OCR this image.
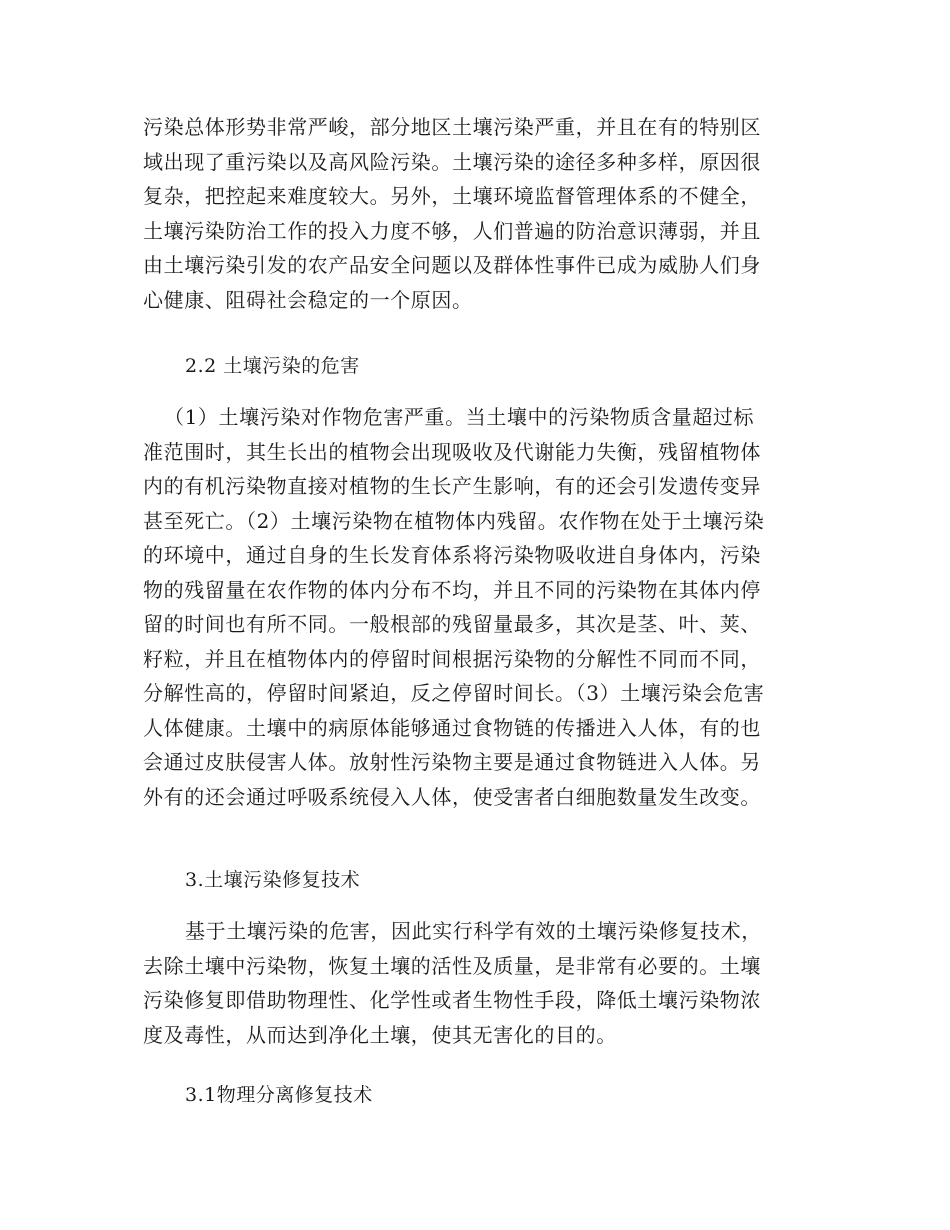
污染总体形势非常严峻，部分地区土壤污染严重，并且在有的特别区
域出现了重污染以及高风险污染。土壤污染的途径多种多样，原因很
复杂，把控起来难度较大。另外，土壤环境监督管理体系的不健全，
土壤污染防治工作的投入力度不够，人们普遍的防治意识薄弱，并且
由土壤污染引发的农产品安全问题以及群体性事件已成为威胁人们身
心健康、阻碍社会稳定的一个原因。
2.2 土壤污染的危害
（1）土壤污染对作物危害严重。当土壤中的污染物质含量超过标
准范围时，其生长出的植物会出现吸收及代谢能力失衡，残留植物体
内的有机污染物直接对植物的生长产生影响，有的还会引发遗传变异
甚至死亡。（2）土壤污染物在植物体内残留。农作物在处于土壤污染
的环境中，通过自身的生长发育体系将污染物吸收进自身体内，污染
物的残留量在农作物的体内分布不均，并且不同的污染物在其体内停
留的时间也有所不同。一般根部的残留量最多，其次是茎、叶、荚、
籽粒，并且在植物体内的停留时间根据污染物的分解性不同而不同，
分解性高的，停留时间紧迫，反之停留时间长。（3）土壤污染会危害
人体健康。土壤中的病原体能够通过食物链的传播进入人体，有的也
会通过皮肤侵害人体。放射性污染物主要是通过食物链进入人体。另
外有的还会通过呼吸系统侵入人体，使受害者白细胞数量发生改变。
3.土壤污染修复技术
基于土壤污染的危害，因此实行科学有效的土壤污染修复技术，
去除土壤中污染物，恢复土壤的活性及质量，是非常有必要的。土壤
污染修复即借助物理性、化学性或者生物性手段，降低土壤污染物浓
度及毒性，从而达到净化土壤，使其无害化的目的。
3.1物理分离修复技术
